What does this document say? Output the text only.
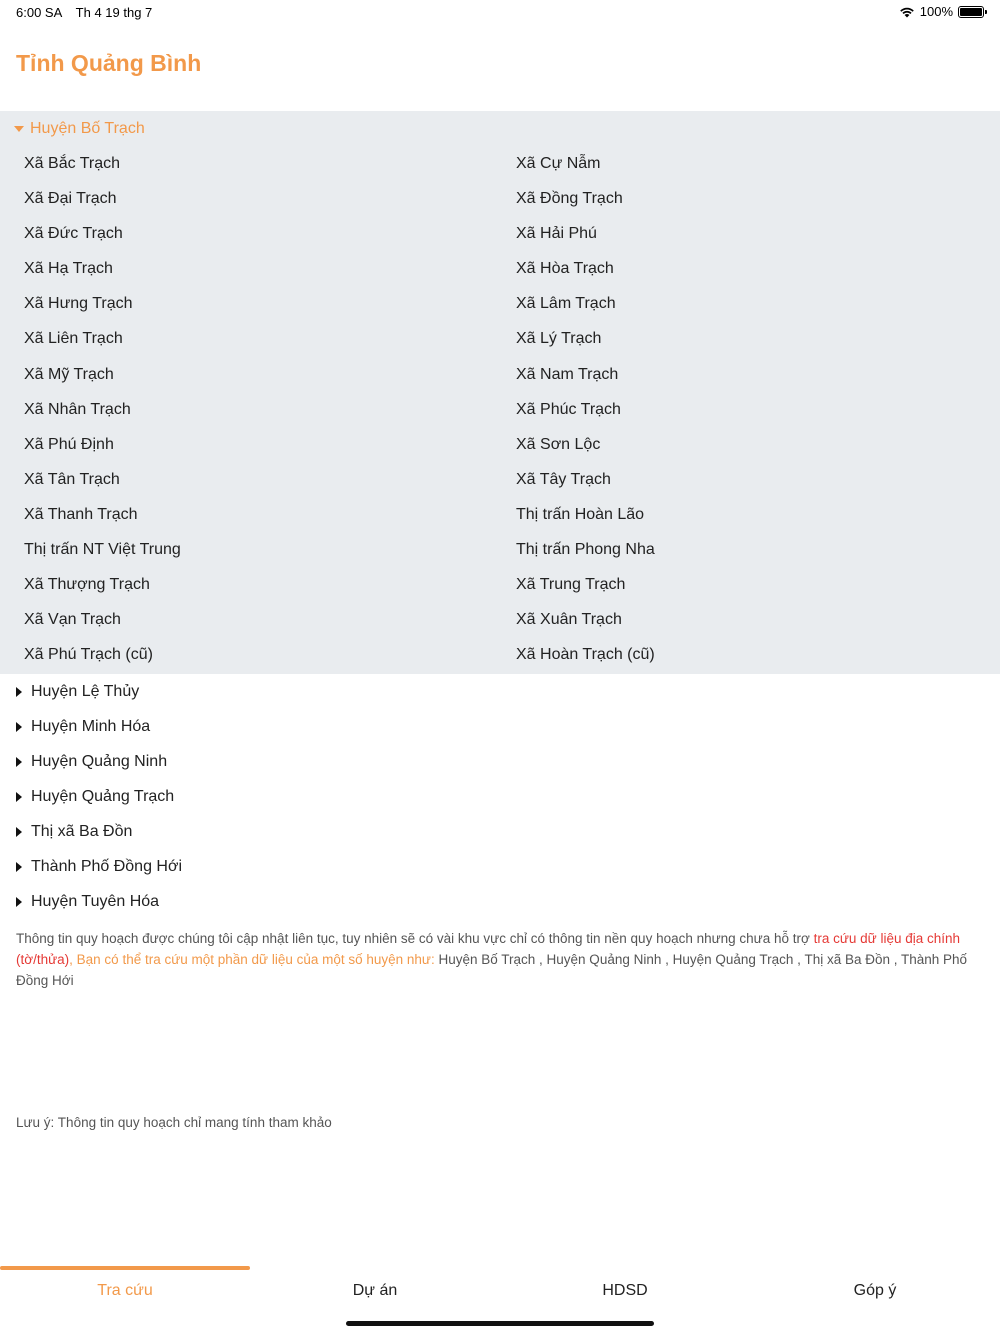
6:00 SA Th 4 19 thg 7	100%
Tỉnh Quảng Bình
Huyện Bố Trạch
Xã Bắc Trạch	Xã Cự Nẫm
Xã Đại Trạch	Xã Đồng Trạch
Xã Đức Trạch	Xã Hải Phú
Xã Hạ Trạch	Xã Hòa Trạch
Xã Hưng Trạch	Xã Lâm Trạch
Xã Liên Trạch	Xã Lý Trạch
Xã Mỹ Trạch	Xã Nam Trạch
Xã Nhân Trạch	Xã Phúc Trạch
Xã Phú Định	Xã Sơn Lộc
Xã Tân Trạch	Xã Tây Trạch
Xã Thanh Trạch	Thị trấn Hoàn Lão
Thị trấn NT Việt Trung	Thị trấn Phong Nha
Xã Thượng Trạch	Xã Trung Trạch
Xã Vạn Trạch	Xã Xuân Trạch
Xã Phú Trạch (cũ)	Xã Hoàn Trạch (cũ)
Huyện Lệ Thủy
Huyện Minh Hóa
Huyện Quảng Ninh
Huyện Quảng Trạch
Thị xã Ba Đồn
Thành Phố Đồng Hới
Huyện Tuyên Hóa
Thông tin quy hoạch được chúng tôi cập nhật liên tục, tuy nhiên sẽ có vài khu vực chỉ có thông tin nền quy hoạch nhưng chưa hỗ trợ tra cứu dữ liệu địa chính (tờ/thửa), Bạn có thể tra cứu một phần dữ liệu của một số huyện như: Huyện Bố Trạch , Huyện Quảng Ninh , Huyện Quảng Trạch , Thị xã Ba Đồn , Thành Phố Đồng Hới
Lưu ý: Thông tin quy hoạch chỉ mang tính tham khảo
Tra cứu	Dự án	HDSD	Góp ý
